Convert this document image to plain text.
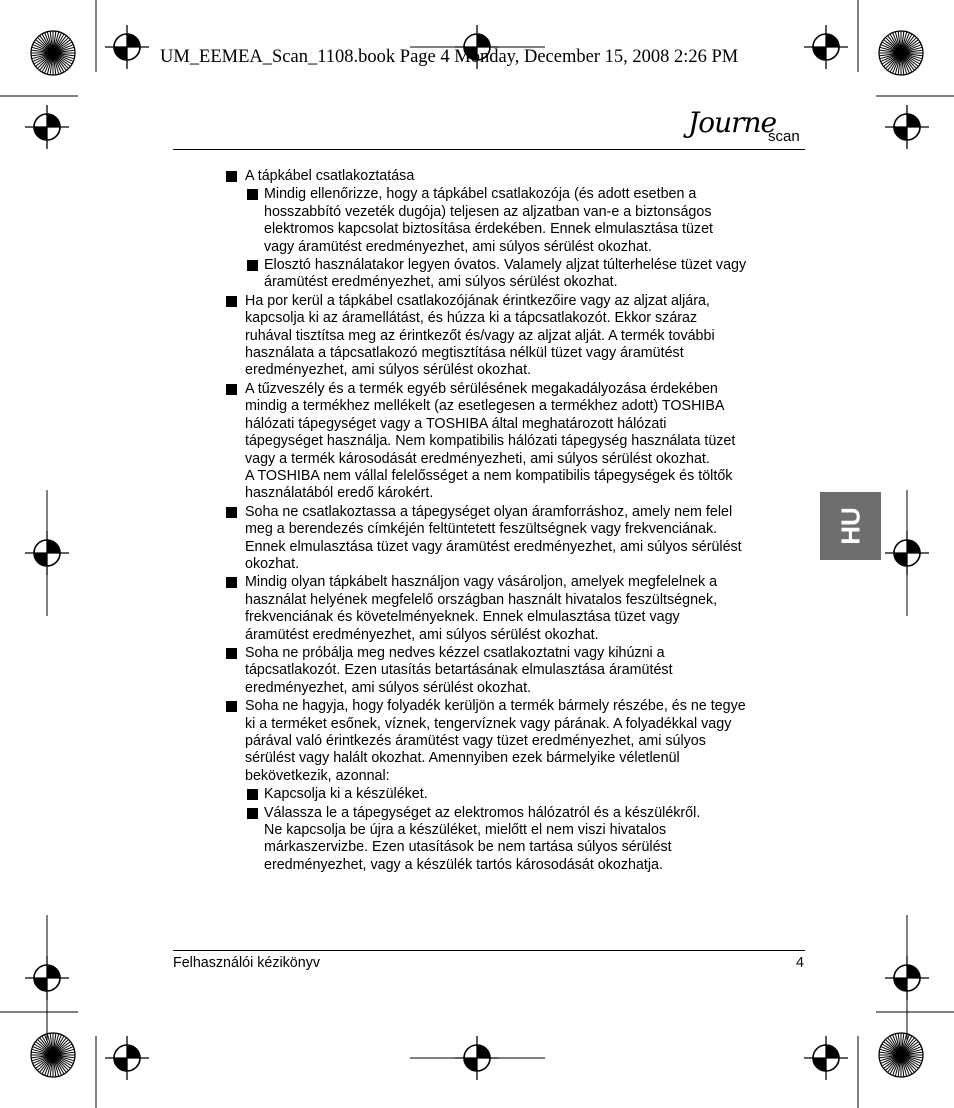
UM_EEMEA_Scan_1108.book Page 4 Monday, December 15, 2008 2:26 PM
Journe
scan
A tápkábel csatlakoztatása
Mindig ellenőrizze, hogy a tápkábel csatlakozója (és adott esetben a
hosszabbító vezeték dugója) teljesen az aljzatban van-e a biztonságos
elektromos kapcsolat biztosítása érdekében. Ennek elmulasztása tüzet
vagy áramütést eredményezhet, ami súlyos sérülést okozhat.
Elosztó használatakor legyen óvatos. Valamely aljzat túlterhelése tüzet vagy
áramütést eredményezhet, ami súlyos sérülést okozhat.
Ha por kerül a tápkábel csatlakozójának érintkezőire vagy az aljzat aljára,
kapcsolja ki az áramellátást, és húzza ki a tápcsatlakozót. Ekkor száraz
ruhával tisztítsa meg az érintkezőt és/vagy az aljzat alját. A termék további
használata a tápcsatlakozó megtisztítása nélkül tüzet vagy áramütést
eredményezhet, ami súlyos sérülést okozhat.
A tűzveszély és a termék egyéb sérülésének megakadályozása érdekében
mindig a termékhez mellékelt (az esetlegesen a termékhez adott) TOSHIBA
hálózati tápegységet vagy a TOSHIBA által meghatározott hálózati
tápegységet használja. Nem kompatibilis hálózati tápegység használata tüzet
vagy a termék károsodását eredményezheti, ami súlyos sérülést okozhat.
A TOSHIBA nem vállal felelősséget a nem kompatibilis tápegységek és töltők
használatából eredő károkért.
Soha ne csatlakoztassa a tápegységet olyan áramforráshoz, amely nem felel
meg a berendezés címkéjén feltüntetett feszültségnek vagy frekvenciának.
Ennek elmulasztása tüzet vagy áramütést eredményezhet, ami súlyos sérülést
okozhat.
Mindig olyan tápkábelt használjon vagy vásároljon, amelyek megfelelnek a
használat helyének megfelelő országban használt hivatalos feszültségnek,
frekvenciának és követelményeknek. Ennek elmulasztása tüzet vagy
áramütést eredményezhet, ami súlyos sérülést okozhat.
Soha ne próbálja meg nedves kézzel csatlakoztatni vagy kihúzni a
tápcsatlakozót. Ezen utasítás betartásának elmulasztása áramütést
eredményezhet, ami súlyos sérülést okozhat.
Soha ne hagyja, hogy folyadék kerüljön a termék bármely részébe, és ne tegye
ki a terméket esőnek, víznek, tengervíznek vagy párának. A folyadékkal vagy
párával való érintkezés áramütést vagy tüzet eredményezhet, ami súlyos
sérülést vagy halált okozhat. Amennyiben ezek bármelyike véletlenül
bekövetkezik, azonnal:
Kapcsolja ki a készüléket.
Válassza le a tápegységet az elektromos hálózatról és a készülékről.
Ne kapcsolja be újra a készüléket, mielőtt el nem viszi hivatalos
márkaszervizbe. Ezen utasítások be nem tartása súlyos sérülést
eredményezhet, vagy a készülék tartós károsodását okozhatja.
HU
Felhasználói kézikönyv	4
